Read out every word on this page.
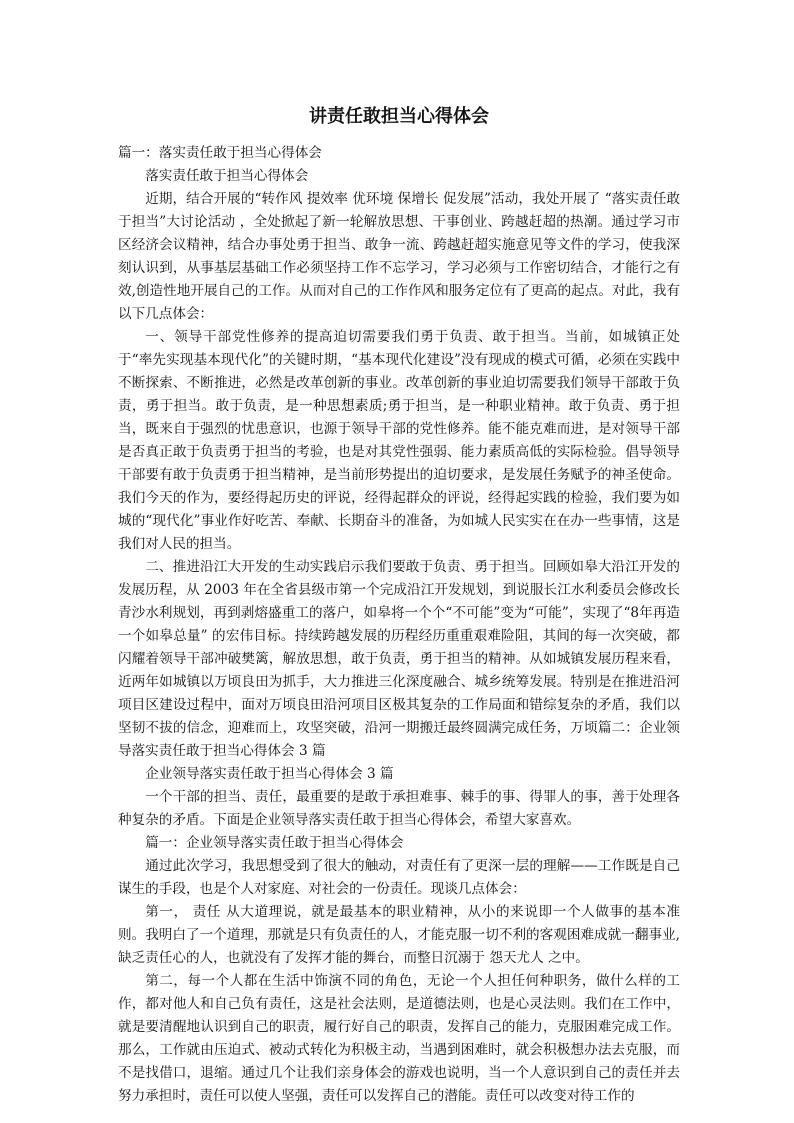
讲责任敢担当心得体会
篇一：落实责任敢于担当心得体会
落实责任敢于担当心得体会
近期，结合开展的“转作风 提效率 优环境 保增长 促发展”活动，我处开展了 “落实责任敢于担当”大讨论活动 ，全处掀起了新一轮解放思想、干事创业、跨越赶超的热潮。通过学习市区经济会议精神，结合办事处勇于担当、敢争一流、跨越赶超实施意见等文件的学习，使我深刻认识到，从事基层基础工作必须坚持工作不忘学习，学习必须与工作密切结合，才能行之有效,创造性地开展自己的工作。从而对自己的工作作风和服务定位有了更高的起点。对此，我有以下几点体会：
一、领导干部党性修养的提高迫切需要我们勇于负责、敢于担当。当前，如城镇正处于“率先实现基本现代化”的关键时期，“基本现代化建设”没有现成的模式可循，必须在实践中不断探索、不断推进，必然是改革创新的事业。改革创新的事业迫切需要我们领导干部敢于负责，勇于担当。敢于负责，是一种思想素质;勇于担当，是一种职业精神。敢于负责、勇于担当，既来自于强烈的忧患意识，也源于领导干部的党性修养。能不能克难而进，是对领导干部是否真正敢于负责勇于担当的考验，也是对其党性强弱、能力素质高低的实际检验。倡导领导干部要有敢于负责勇于担当精神，是当前形势提出的迫切要求，是发展任务赋予的神圣使命。我们今天的作为，要经得起历史的评说，经得起群众的评说，经得起实践的检验，我们要为如城的“现代化”事业作好吃苦、奉献、长期奋斗的准备，为如城人民实实在在办一些事情，这是我们对人民的担当。
二、推进沿江大开发的生动实践启示我们要敢于负责、勇于担当。回顾如皋大沿江开发的发展历程，从 2003 年在全省县级市第一个完成沿江开发规划，到说服长江水利委员会修改长青沙水利规划，再到剥熔盛重工的落户，如皋将一个个“不可能”变为“可能”，实现了“8年再造一个如皋总量” 的宏伟目标。持续跨越发展的历程经历重重艰难险阻，其间的每一次突破，都闪耀着领导干部冲破樊篱，解放思想，敢于负责，勇于担当的精神。从如城镇发展历程来看，近两年如城镇以万顷良田为抓手，大力推进三化深度融合、城乡统筹发展。特别是在推进沿河项目区建设过程中，面对万顷良田沿河项目区极其复杂的工作局面和错综复杂的矛盾，我们以坚韧不拔的信念，迎难而上，攻坚突破，沿河一期搬迁最终圆满完成任务，万顷篇二：企业领导落实责任敢于担当心得体会 3 篇
企业领导落实责任敢于担当心得体会 3 篇
一个干部的担当、责任，最重要的是敢于承担难事、棘手的事、得罪人的事，善于处理各种复杂的矛盾。下面是企业领导落实责任敢于担当心得体会，希望大家喜欢。
篇一：企业领导落实责任敢于担当心得体会
通过此次学习，我思想受到了很大的触动，对责任有了更深一层的理解——工作既是自己谋生的手段，也是个人对家庭、对社会的一份责任。现谈几点体会：
第一， 责任 从大道理说，就是最基本的职业精神，从小的来说即一个人做事的基本准则。我明白了一个道理，那就是只有负责任的人，才能克服一切不利的客观困难成就一翻事业,缺乏责任心的人，也就没有了发挥才能的舞台，而整日沉溺于 怨天尤人 之中。
第二，每一个人都在生活中饰演不同的角色，无论一个人担任何种职务，做什么样的工作，都对他人和自己负有责任，这是社会法则，是道德法则，也是心灵法则。我们在工作中，就是要清醒地认识到自己的职责，履行好自己的职责，发挥自己的能力，克服困难完成工作。那么，工作就由压迫式、被动式转化为积极主动，当遇到困难时，就会积极想办法去克服，而不是找借口，退缩。通过几个让我们亲身体会的游戏也说明，当一个人意识到自己的责任并去努力承担时，责任可以使人坚强，责任可以发挥自己的潜能。责任可以改变对待工作的
